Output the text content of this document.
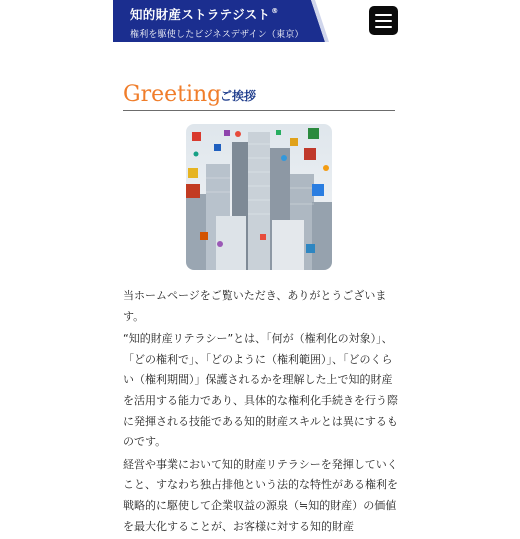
知的財産ストラテジスト®
権利を駆使したビジネスデザイン（東京）
Greeting
ご挨拶

当ホームページをご覧いただき、ありがとうございます。

“知的財産リテラシー”とは、「何が（権利化の対象）」、「どの権利で」、「どのように（権利範囲）」、「どのくらい（権利期間）」保護されるかを理解した上で知的財産を活用する能力であり、具体的な権利化手続きを行う際に発揮される技能である知的財産スキルとは異にするものです。

経営や事業において知的財産リテラシーを発揮していくこと、すなわち独占排他という法的な特性がある権利を戦略的に駆使して企業収益の源泉（≒知的財産）の価値を最大化することが、お客様に対する知的財産
